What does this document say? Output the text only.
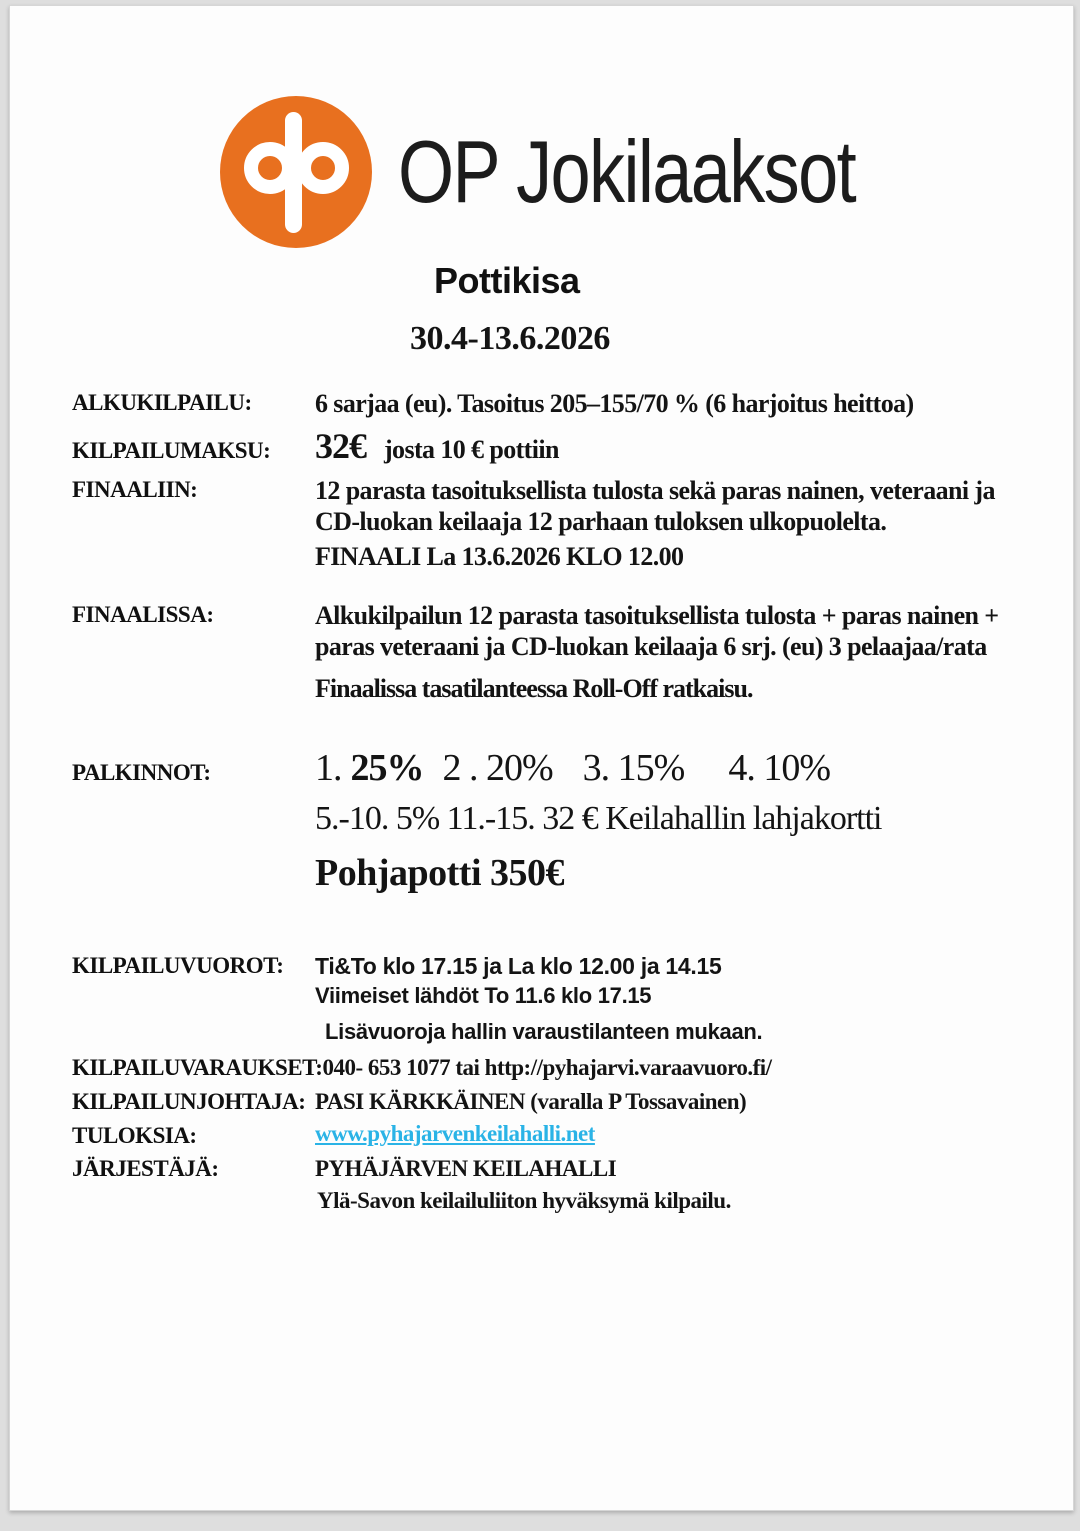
OP Jokilaaksot
Pottikisa
30.4-13.6.2026
ALKUKILPAILU:	6 sarjaa (eu). Tasoitus 205–155/70 % (6 harjoitus heittoa)
KILPAILUMAKSU:	32€ josta 10 € pottiin
FINAALIIN:	12 parasta tasoituksellista tulosta sekä paras nainen, veteraani ja CD-luokan keilaaja 12 parhaan tuloksen ulkopuolelta.
FINAALI La 13.6.2026 KLO 12.00
FINAALISSA:	Alkukilpailun 12 parasta tasoituksellista tulosta + paras nainen + paras veteraani ja CD-luokan keilaaja 6 srj. (eu) 3 pelaajaa/rata
Finaalissa tasatilanteessa Roll-Off ratkaisu.
PALKINNOT:	1. 25% 2 . 20% 3. 15% 4. 10%
5.-10. 5% 11.-15. 32 € Keilahallin lahjakortti
Pohjapotti 350€
KILPAILUVUOROT:	Ti&To klo 17.15 ja La klo 12.00 ja 14.15
Viimeiset lähdöt To 11.6 klo 17.15
Lisävuoroja hallin varaustilanteen mukaan.
KILPAILUVARAUKSET: 040- 653 1077 tai http://pyhajarvi.varaavuoro.fi/
KILPAILUNJOHTAJA: PASI KÄRKKÄINEN (varalla P Tossavainen)
TULOKSIA:	www.pyhajarvenkeilahalli.net
JÄRJESTÄJÄ:	PYHÄJÄRVEN KEILAHALLI
Ylä-Savon keilailuliiton hyväksymä kilpailu.
